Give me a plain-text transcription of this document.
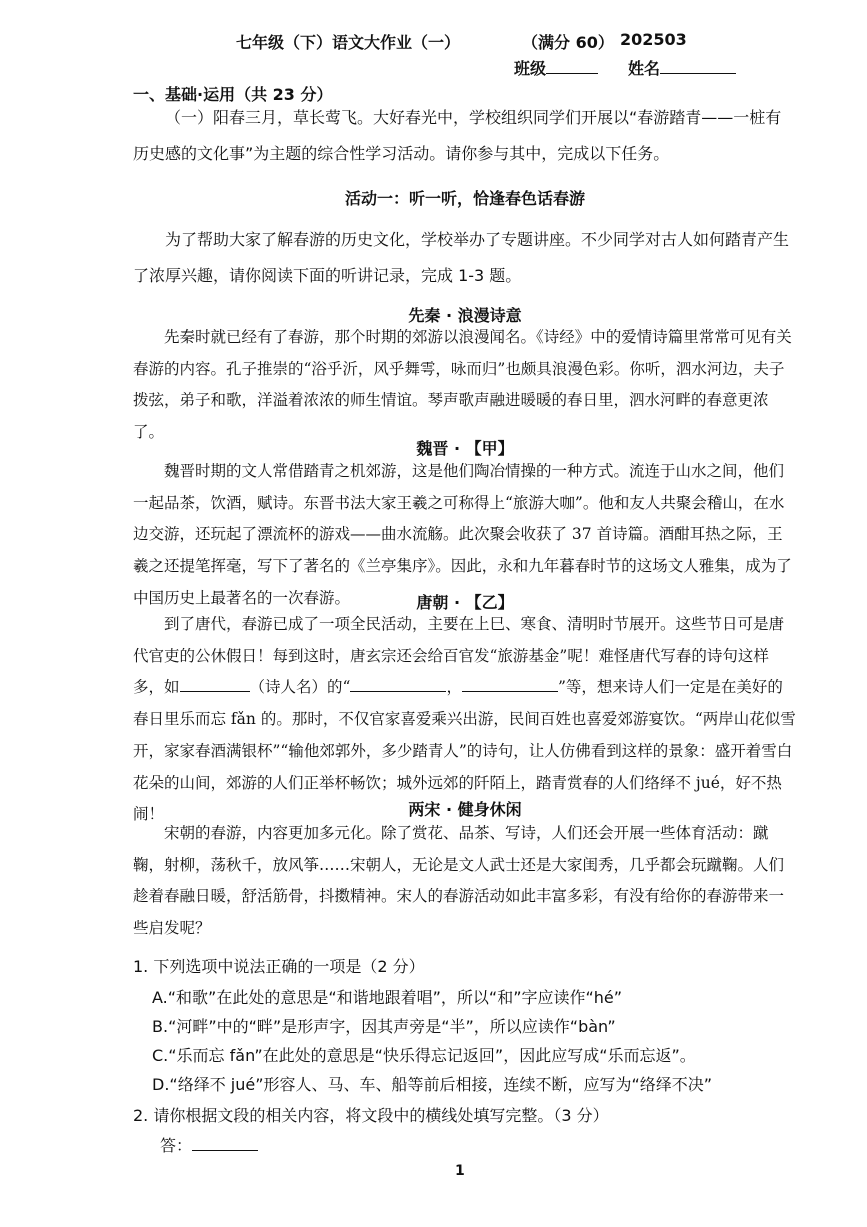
七年级（下）语文大作业（一）	（满分 60） 202503
班级	姓名
一、基础·运用（共 23 分）
（一）阳春三月，草长莺飞。大好春光中，学校组织同学们开展以“春游踏青——一桩有历史感的文化事”为主题的综合性学习活动。请你参与其中，完成以下任务。
活动一：听一听，恰逢春色话春游
为了帮助大家了解春游的历史文化，学校举办了专题讲座。不少同学对古人如何踏青产生了浓厚兴趣，请你阅读下面的听讲记录，完成 1-3 题。
先秦 · 浪漫诗意
先秦时就已经有了春游，那个时期的郊游以浪漫闻名。《诗经》中的爱情诗篇里常常可见有关春游的内容。孔子推崇的“浴乎沂，风乎舞雩，咏而归”也颇具浪漫色彩。你听，泗水河边，夫子拨弦，弟子和歌，洋溢着浓浓的师生情谊。琴声歌声融进暖暖的春日里，泗水河畔的春意更浓了。
魏晋 · 【甲】
魏晋时期的文人常借踏青之机郊游，这是他们陶冶情操的一种方式。流连于山水之间，他们一起品茶，饮酒，赋诗。东晋书法大家王羲之可称得上“旅游大咖”。他和友人共聚会稽山，在水边交游，还玩起了漂流杯的游戏——曲水流觞。此次聚会收获了 37 首诗篇。酒酣耳热之际，王羲之还提笔挥毫，写下了著名的《兰亭集序》。因此，永和九年暮春时节的这场文人雅集，成为了中国历史上最著名的一次春游。	唐朝 · 【乙】
到了唐代，春游已成了一项全民活动，主要在上巳、寒食、清明时节展开。这些节日可是唐代官吏的公休假日！每到这时，唐玄宗还会给百官发“旅游基金”呢！难怪唐代写春的诗句这样多，如	（诗人名）的“	，	”等，想来诗人们一定是在美好的春日里乐而忘 fǎn 的。那时，不仅官家喜爱乘兴出游，民间百姓也喜爱郊游宴饮。“两岸山花似雪开，家家春酒满银杯”“输他郊郭外，多少踏青人”的诗句，让人仿佛看到这样的景象：盛开着雪白花朵的山间，郊游的人们正举杯畅饮；城外远郊的阡陌上，踏青赏春的人们络绎不 jué，好不热闹！	两宋 · 健身休闲
宋朝的春游，内容更加多元化。除了赏花、品茶、写诗，人们还会开展一些体育活动：蹴鞠，射柳，荡秋千，放风筝……宋朝人，无论是文人武士还是大家闺秀，几乎都会玩蹴鞠。人们趁着春融日暖，舒活筋骨，抖擞精神。宋人的春游活动如此丰富多彩，有没有给你的春游带来一些启发呢？
1. 下列选项中说法正确的一项是（2 分）
A.“和歌”在此处的意思是“和谐地跟着唱”，所以“和”字应读作“hé”
B.“河畔”中的“畔”是形声字，因其声旁是“半”，所以应读作“bàn”
C.“乐而忘 fǎn”在此处的意思是“快乐得忘记返回”，因此应写成“乐而忘返”。
D.“络绎不 jué”形容人、马、车、船等前后相接，连续不断，应写为“络绎不决”
2. 请你根据文段的相关内容，将文段中的横线处填写完整。（3 分）
答：
1
